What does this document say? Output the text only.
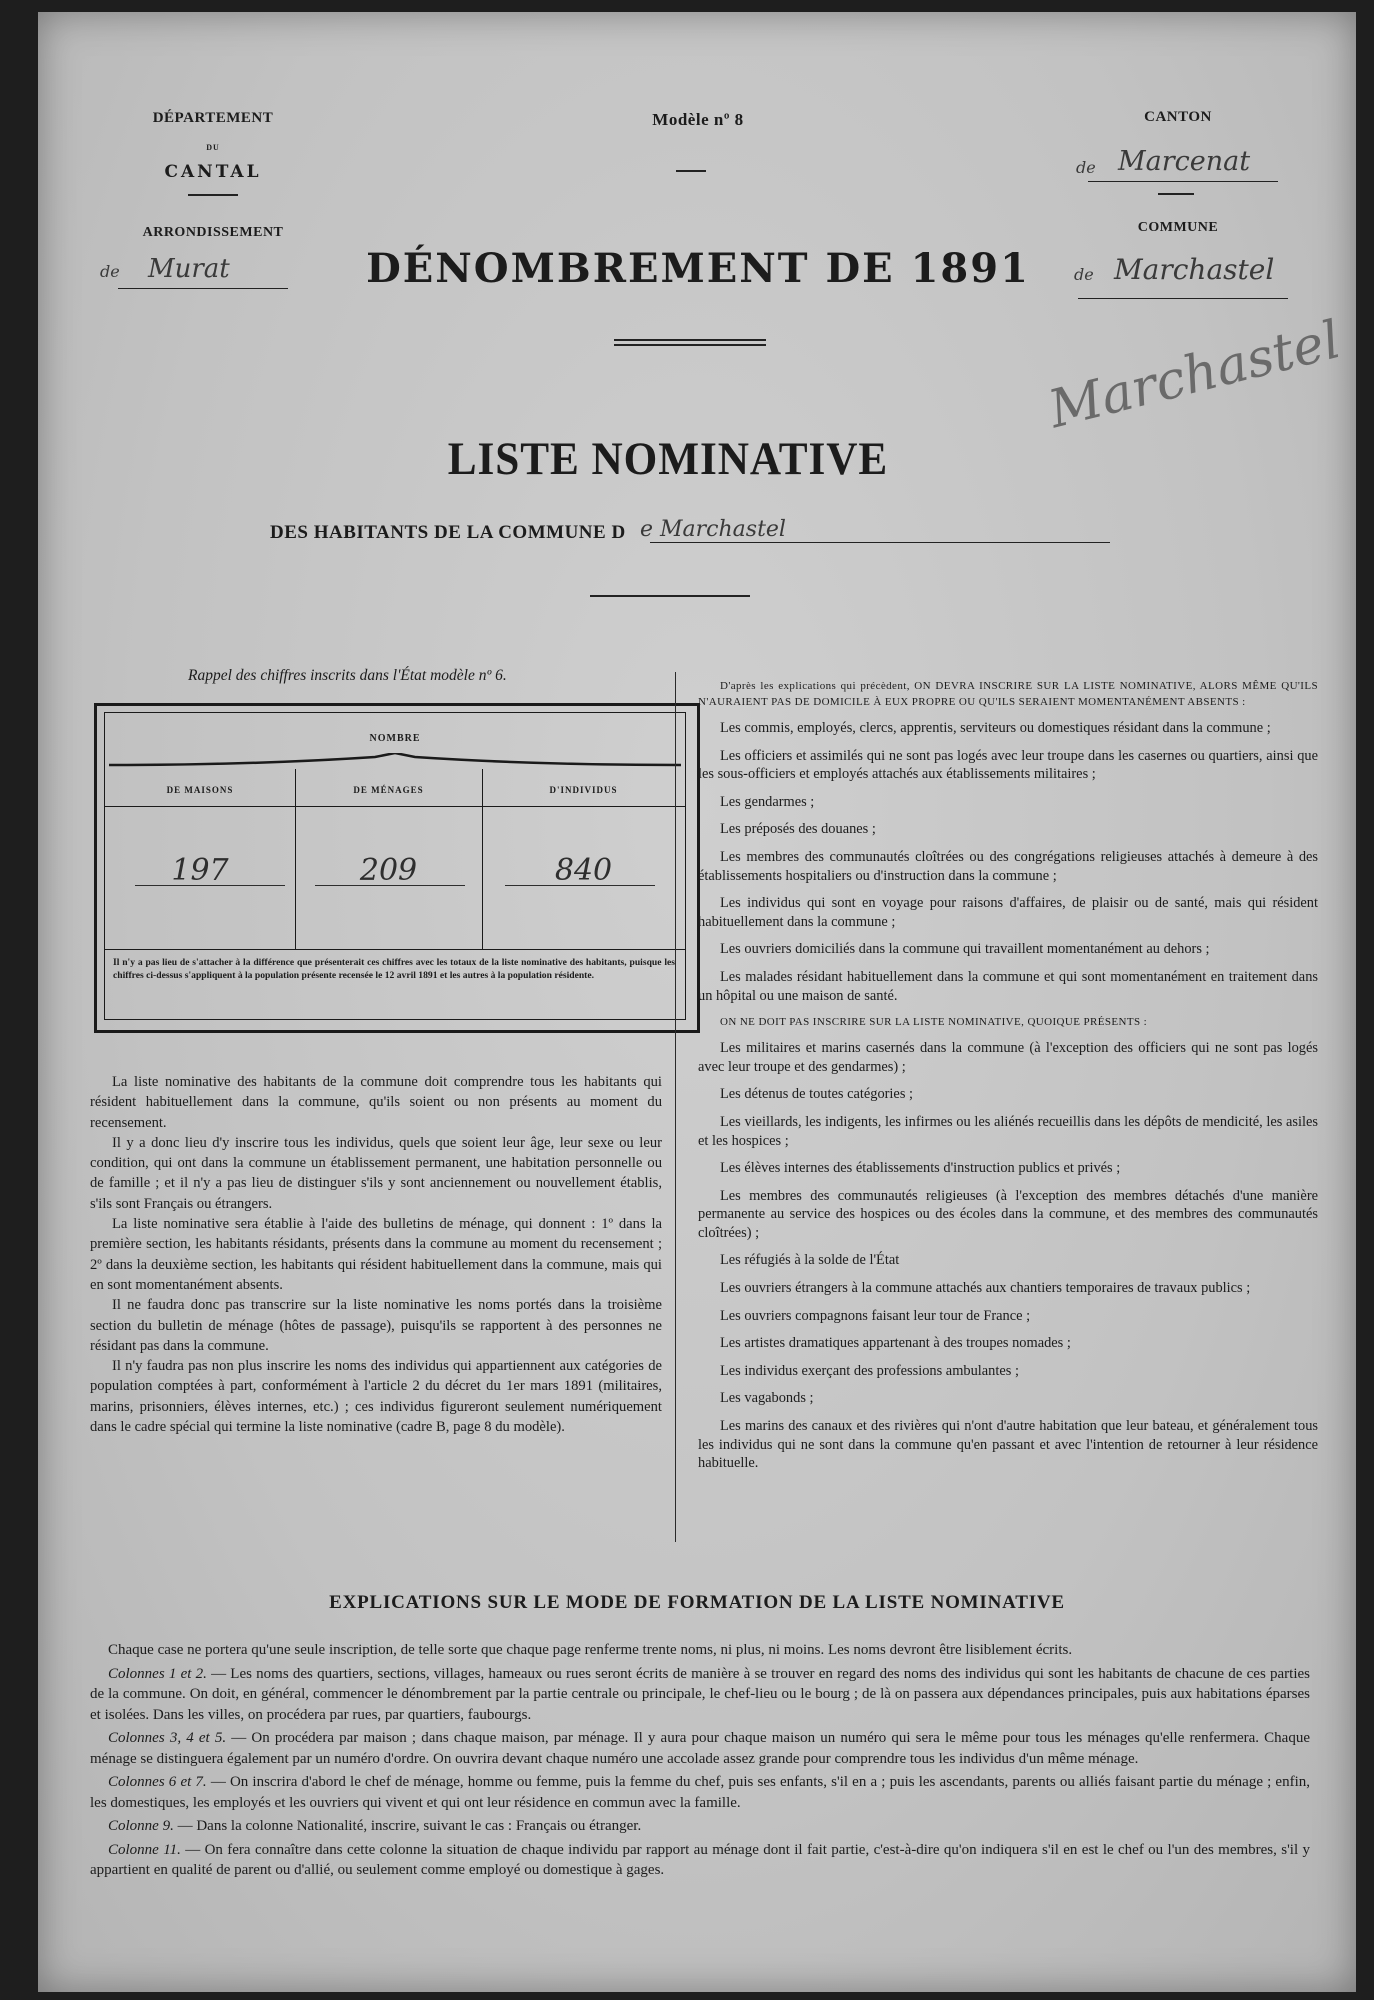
DÉPARTEMENT
DU
CANTAL
ARRONDISSEMENT
de Murat
Modèle nº 8
DÉNOMBREMENT DE 1891
CANTON
de Marcenat
COMMUNE
de Marchastel
Marchastel
LISTE NOMINATIVE
DES HABITANTS DE LA COMMUNE D e Marchastel
Rappel des chiffres inscrits dans l'État modèle nº 6.
NOMBRE
DE MAISONS	DE MÉNAGES	D'INDIVIDUS
197	209	840
Il n'y a pas lieu de s'attacher à la différence que présenterait ces chiffres avec les totaux de la liste nominative des habitants, puisque les chiffres ci-dessus s'appliquent à la population présente recensée le 12 avril 1891 et les autres à la population résidente.

La liste nominative des habitants de la commune doit comprendre tous les habitants qui résident habituellement dans la commune, qu'ils soient ou non présents au moment du recensement.

Il y a donc lieu d'y inscrire tous les individus, quels que soient leur âge, leur sexe ou leur condition, qui ont dans la commune un établissement permanent, une habitation personnelle ou de famille ; et il n'y a pas lieu de distinguer s'ils y sont anciennement ou nouvellement établis, s'ils sont Français ou étrangers.

La liste nominative sera établie à l'aide des bulletins de ménage, qui donnent : 1º dans la première section, les habitants résidants, présents dans la commune au moment du recensement ; 2º dans la deuxième section, les habitants qui résident habituellement dans la commune, mais qui en sont momentanément absents.

Il ne faudra donc pas transcrire sur la liste nominative les noms portés dans la troisième section du bulletin de ménage (hôtes de passage), puisqu'ils se rapportent à des personnes ne résidant pas dans la commune.

Il n'y faudra pas non plus inscrire les noms des individus qui appartiennent aux catégories de population comptées à part, conformément à l'article 2 du décret du 1er mars 1891 (militaires, marins, prisonniers, élèves internes, etc.) ; ces individus figureront seulement numériquement dans le cadre spécial qui termine la liste nominative (cadre B, page 8 du modèle).

D'après les explications qui précèdent, ON DEVRA INSCRIRE SUR LA LISTE NOMINATIVE, ALORS MÊME QU'ILS N'AURAIENT PAS DE DOMICILE À EUX PROPRE OU QU'ILS SERAIENT MOMENTANÉMENT ABSENTS :

Les commis, employés, clercs, apprentis, serviteurs ou domestiques résidant dans la commune ;

Les officiers et assimilés qui ne sont pas logés avec leur troupe dans les casernes ou quartiers, ainsi que les sous-officiers et employés attachés aux établissements militaires ;

Les gendarmes ;

Les préposés des douanes ;

Les membres des communautés cloîtrées ou des congrégations religieuses attachés à demeure à des établissements hospitaliers ou d'instruction dans la commune ;

Les individus qui sont en voyage pour raisons d'affaires, de plaisir ou de santé, mais qui résident habituellement dans la commune ;

Les ouvriers domiciliés dans la commune qui travaillent momentanément au dehors ;

Les malades résidant habituellement dans la commune et qui sont momentanément en traitement dans un hôpital ou une maison de santé.

ON NE DOIT PAS INSCRIRE SUR LA LISTE NOMINATIVE, QUOIQUE PRÉSENTS :

Les militaires et marins casernés dans la commune (à l'exception des officiers qui ne sont pas logés avec leur troupe et des gendarmes) ;

Les détenus de toutes catégories ;

Les vieillards, les indigents, les infirmes ou les aliénés recueillis dans les dépôts de mendicité, les asiles et les hospices ;

Les élèves internes des établissements d'instruction publics et privés ;

Les membres des communautés religieuses (à l'exception des membres détachés d'une manière permanente au service des hospices ou des écoles dans la commune, et des membres des communautés cloîtrées) ;

Les réfugiés à la solde de l'État

Les ouvriers étrangers à la commune attachés aux chantiers temporaires de travaux publics ;

Les ouvriers compagnons faisant leur tour de France ;

Les artistes dramatiques appartenant à des troupes nomades ;

Les individus exerçant des professions ambulantes ;

Les vagabonds ;

Les marins des canaux et des rivières qui n'ont d'autre habitation que leur bateau, et généralement tous les individus qui ne sont dans la commune qu'en passant et avec l'intention de retourner à leur résidence habituelle.

EXPLICATIONS SUR LE MODE DE FORMATION DE LA LISTE NOMINATIVE

Chaque case ne portera qu'une seule inscription, de telle sorte que chaque page renferme trente noms, ni plus, ni moins. Les noms devront être lisiblement écrits.

Colonnes 1 et 2. — Les noms des quartiers, sections, villages, hameaux ou rues seront écrits de manière à se trouver en regard des noms des individus qui sont les habitants de chacune de ces parties de la commune. On doit, en général, commencer le dénombrement par la partie centrale ou principale, le chef-lieu ou le bourg ; de là on passera aux dépendances principales, puis aux habitations éparses et isolées. Dans les villes, on procédera par rues, par quartiers, faubourgs.

Colonnes 3, 4 et 5. — On procédera par maison ; dans chaque maison, par ménage. Il y aura pour chaque maison un numéro qui sera le même pour tous les ménages qu'elle renfermera. Chaque ménage se distinguera également par un numéro d'ordre. On ouvrira devant chaque numéro une accolade assez grande pour comprendre tous les individus d'un même ménage.

Colonnes 6 et 7. — On inscrira d'abord le chef de ménage, homme ou femme, puis la femme du chef, puis ses enfants, s'il en a ; puis les ascendants, parents ou alliés faisant partie du ménage ; enfin, les domestiques, les employés et les ouvriers qui vivent et qui ont leur résidence en commun avec la famille.

Colonne 9. — Dans la colonne Nationalité, inscrire, suivant le cas : Français ou étranger.

Colonne 11. — On fera connaître dans cette colonne la situation de chaque individu par rapport au ménage dont il fait partie, c'est-à-dire qu'on indiquera s'il en est le chef ou l'un des membres, s'il y appartient en qualité de parent ou d'allié, ou seulement comme employé ou domestique à gages.
